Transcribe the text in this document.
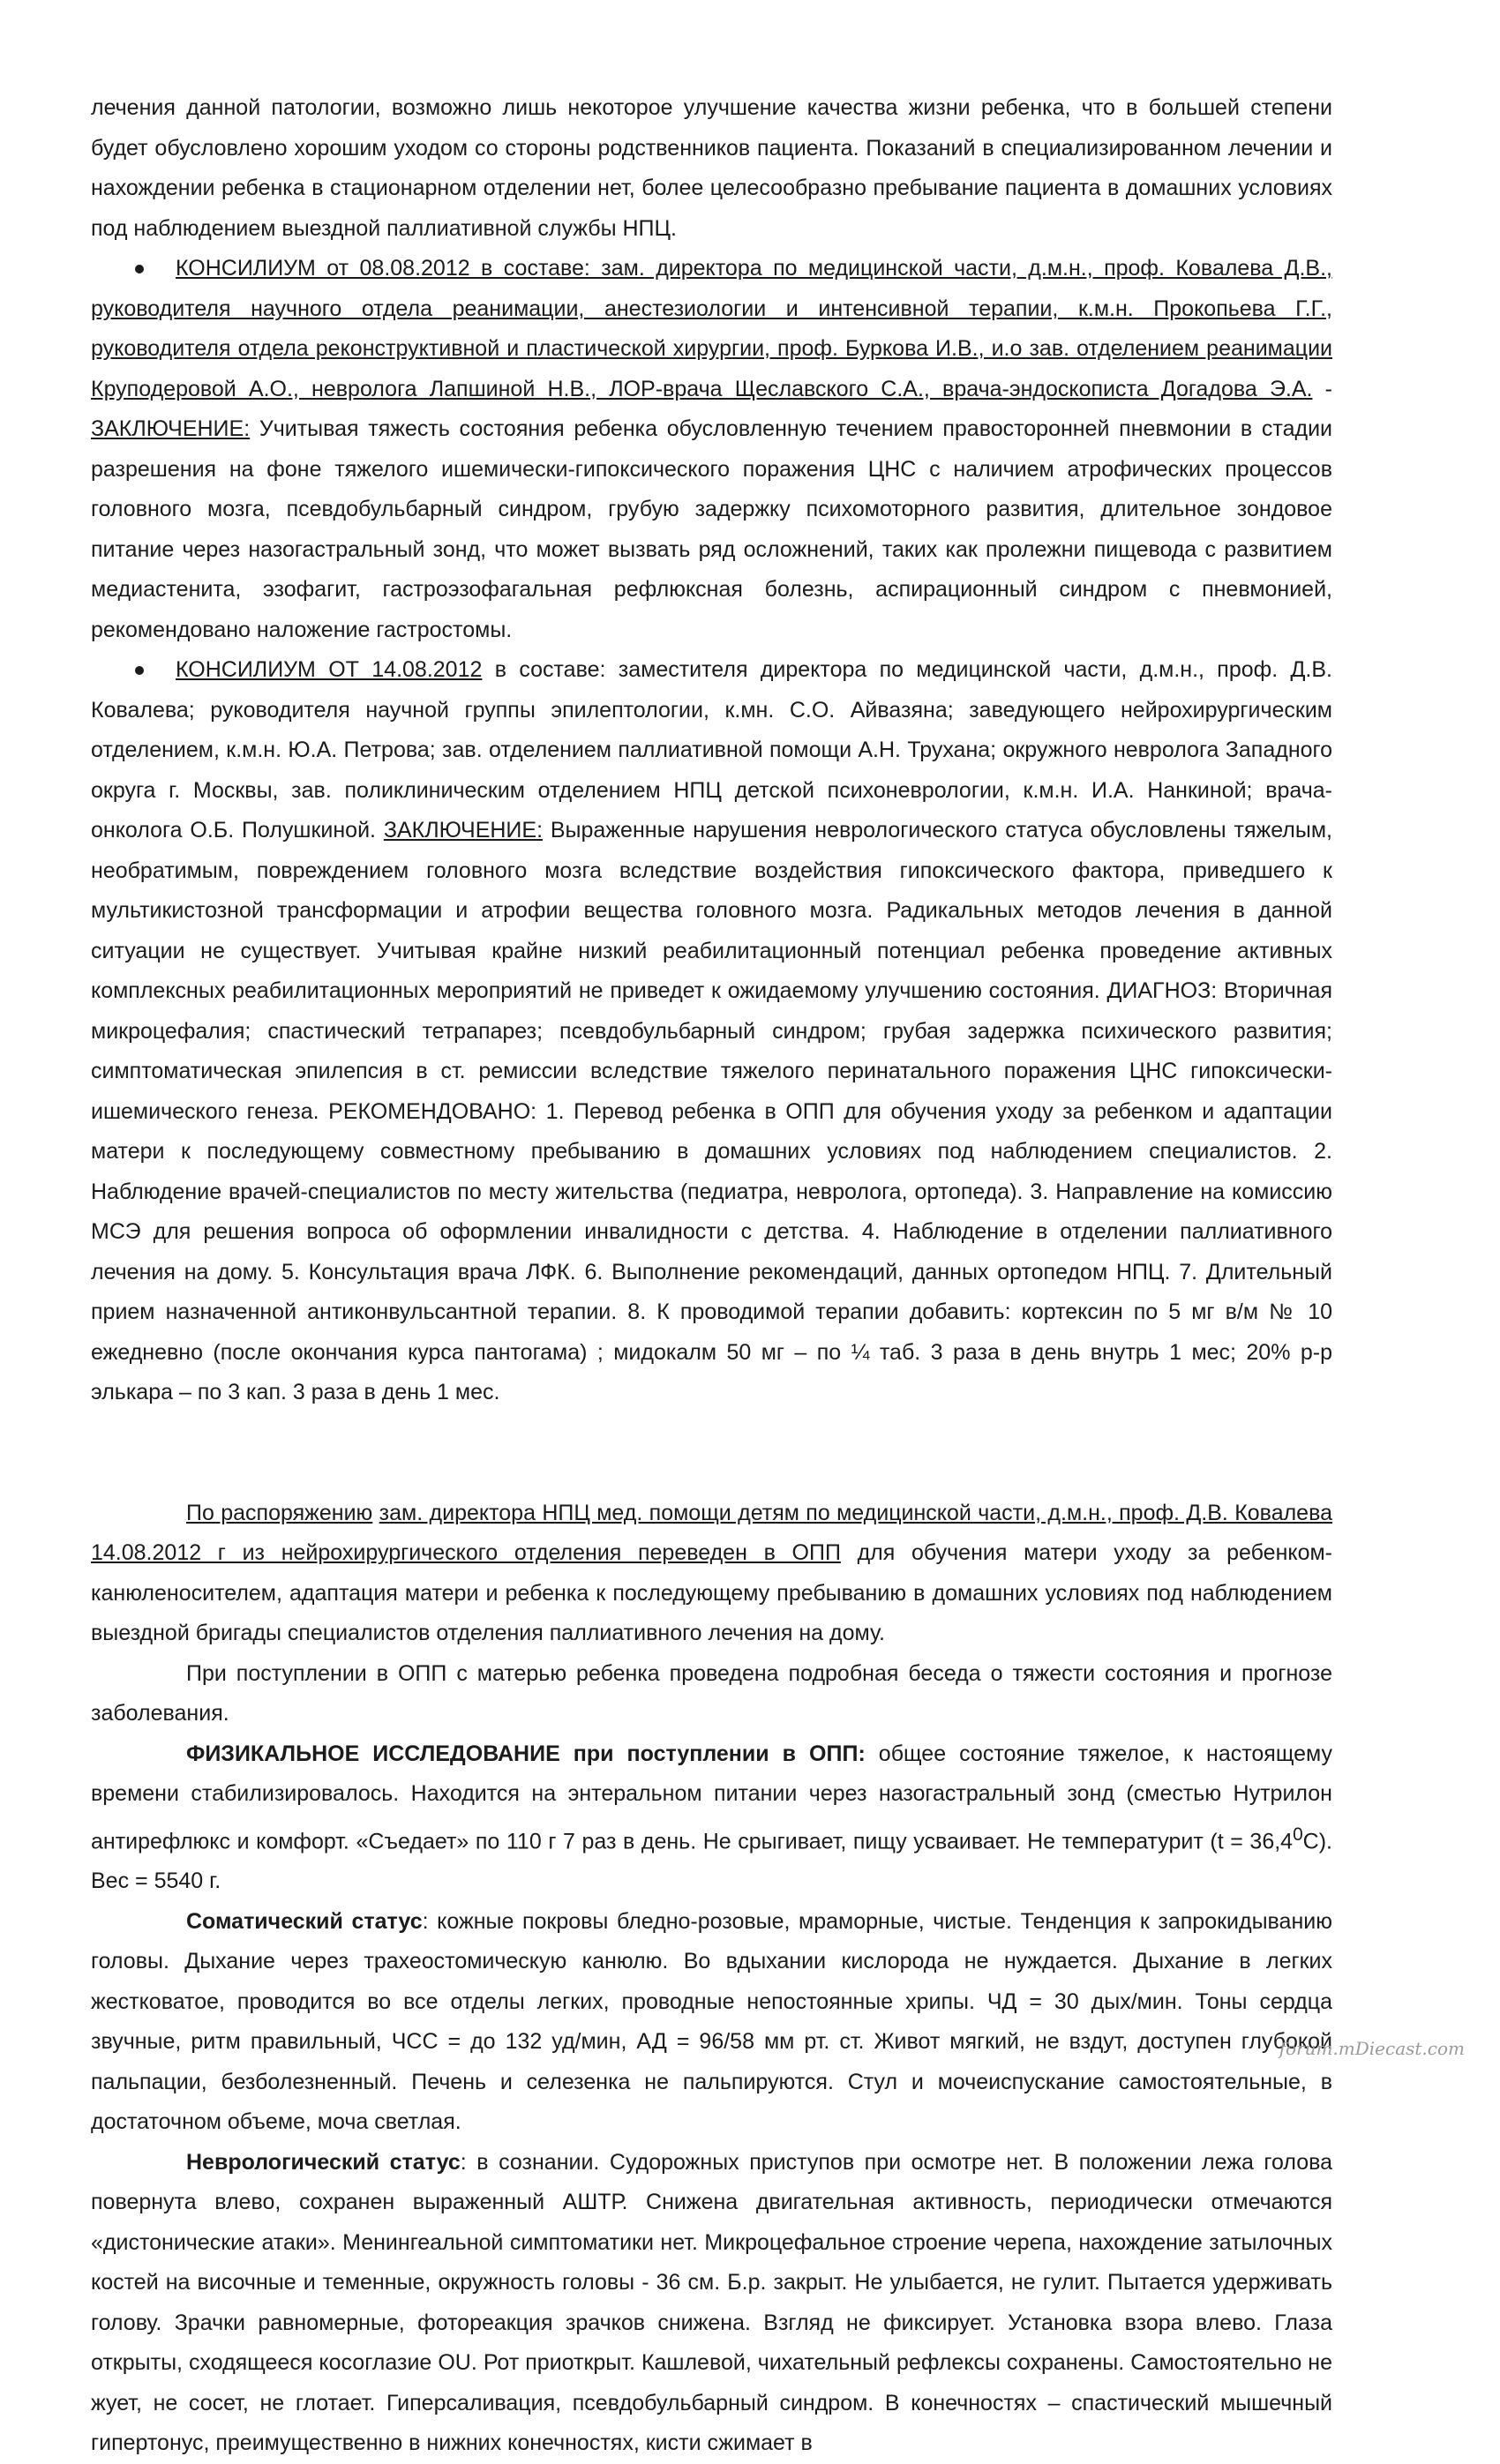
лечения данной патологии, возможно лишь некоторое улучшение качества жизни ребенка, что в большей степени будет обусловлено хорошим уходом со стороны родственников пациента. Показаний в специализированном лечении и нахождении ребенка в стационарном отделении нет, более целесообразно пребывание пациента в домашних условиях под наблюдением выездной паллиативной службы НПЦ.

КОНСИЛИУМ от 08.08.2012 в составе: зам. директора по медицинской части, д.м.н., проф. Ковалева Д.В., руководителя научного отдела реанимации, анестезиологии и интенсивной терапии, к.м.н. Прокопьева Г.Г., руководителя отдела реконструктивной и пластической хирургии, проф. Буркова И.В., и.о зав. отделением реанимации Круподеровой А.О., невролога Лапшиной Н.В., ЛОР-врача Щеславского С.А., врача-эндоскописта Догадова Э.А. - ЗАКЛЮЧЕНИЕ: Учитывая тяжесть состояния ребенка обусловленную течением правосторонней пневмонии в стадии разрешения на фоне тяжелого ишемически-гипоксического поражения ЦНС с наличием атрофических процессов головного мозга, псевдобульбарный синдром, грубую задержку психомоторного развития, длительное зондовое питание через назогастральный зонд, что может вызвать ряд осложнений, таких как пролежни пищевода с развитием медиастенита, эзофагит, гастроэзофагальная рефлюксная болезнь, аспирационный синдром с пневмонией, рекомендовано наложение гастростомы.

КОНСИЛИУМ ОТ 14.08.2012 в составе: заместителя директора по медицинской части, д.м.н., проф. Д.В. Ковалева; руководителя научной группы эпилептологии, к.мн. С.О. Айвазяна; заведующего нейрохирургическим отделением, к.м.н. Ю.А. Петрова; зав. отделением паллиативной помощи А.Н. Трухана; окружного невролога Западного округа г. Москвы, зав. поликлиническим отделением НПЦ детской психоневрологии, к.м.н. И.А. Нанкиной; врача-онколога О.Б. Полушкиной. ЗАКЛЮЧЕНИЕ: Выраженные нарушения неврологического статуса обусловлены тяжелым, необратимым, повреждением головного мозга вследствие воздействия гипоксического фактора, приведшего к мультикистозной трансформации и атрофии вещества головного мозга. Радикальных методов лечения в данной ситуации не существует. Учитывая крайне низкий реабилитационный потенциал ребенка проведение активных комплексных реабилитационных мероприятий не приведет к ожидаемому улучшению состояния. ДИАГНОЗ: Вторичная микроцефалия; спастический тетрапарез; псевдобульбарный синдром; грубая задержка психического развития; симптоматическая эпилепсия в ст. ремиссии вследствие тяжелого перинатального поражения ЦНС гипоксически-ишемического генеза. РЕКОМЕНДОВАНО: 1. Перевод ребенка в ОПП для обучения уходу за ребенком и адаптации матери к последующему совместному пребыванию в домашних условиях под наблюдением специалистов. 2. Наблюдение врачей-специалистов по месту жительства (педиатра, невролога, ортопеда). 3. Направление на комиссию МСЭ для решения вопроса об оформлении инвалидности с детства. 4. Наблюдение в отделении паллиативного лечения на дому. 5. Консультация врача ЛФК. 6. Выполнение рекомендаций, данных ортопедом НПЦ. 7. Длительный прием назначенной антиконвульсантной терапии. 8. К проводимой терапии добавить: кортексин по 5 мг в/м № 10 ежедневно (после окончания курса пантогама) ; мидокалм 50 мг – по ¼ таб. 3 раза в день внутрь 1 мес; 20% р-р элькара – по 3 кап. 3 раза в день 1 мес.

По распоряжению зам. директора НПЦ мед. помощи детям по медицинской части, д.м.н., проф. Д.В. Ковалева 14.08.2012 г из нейрохирургического отделения переведен в ОПП для обучения матери уходу за ребенком-канюленосителем, адаптация матери и ребенка к последующему пребыванию в домашних условиях под наблюдением выездной бригады специалистов отделения паллиативного лечения на дому.

При поступлении в ОПП с матерью ребенка проведена подробная беседа о тяжести состояния и прогнозе заболевания.

ФИЗИКАЛЬНОЕ ИССЛЕДОВАНИЕ при поступлении в ОПП: общее состояние тяжелое, к настоящему времени стабилизировалось. Находится на энтеральном питании через назогастральный зонд (сместью Нутрилон антирефлюкс и комфорт. «Съедает» по 110 г 7 раз в день. Не срыгивает, пищу усваивает. Не температурит $(t = 36,4^0С)$. Вес = 5540 г.

Соматический статус: кожные покровы бледно-розовые, мраморные, чистые. Тенденция к запрокидыванию головы. Дыхание через трахеостомическую канюлю. Во вдыхании кислорода не нуждается. Дыхание в легких жестковатое, проводится во все отделы легких, проводные непостоянные хрипы. ЧД = 30 дых/мин. Тоны сердца звучные, ритм правильный, ЧСС = до 132 уд/мин, АД = 96/58 мм рт. ст. Живот мягкий, не вздут, доступен глубокой пальпации, безболезненный. Печень и селезенка не пальпируются. Стул и мочеиспускание самостоятельные, в достаточном объеме, моча светлая.

Неврологический статус: в сознании. Судорожных приступов при осмотре нет. В положении лежа голова повернута влево, сохранен выраженный АШТР. Снижена двигательная активность, периодически отмечаются «дистонические атаки». Менингеальной симптоматики нет. Микроцефальное строение черепа, нахождение затылочных костей на височные и теменные, окружность головы - 36 см. Б.р. закрыт. Не улыбается, не гулит. Пытается удерживать голову. Зрачки равномерные, фотореакция зрачков снижена. Взгляд не фиксирует. Установка взора влево. Глаза открыты, сходящееся косоглазие OU. Рот приоткрыт. Кашлевой, чихательный рефлексы сохранены. Самостоятельно не жует, не сосет, не глотает. Гиперсаливация, псевдобульбарный синдром. В конечностях – спастический мышечный гипертонус, преимущественно в нижних конечностях, кисти сжимает в

forum.mDiecast.com
